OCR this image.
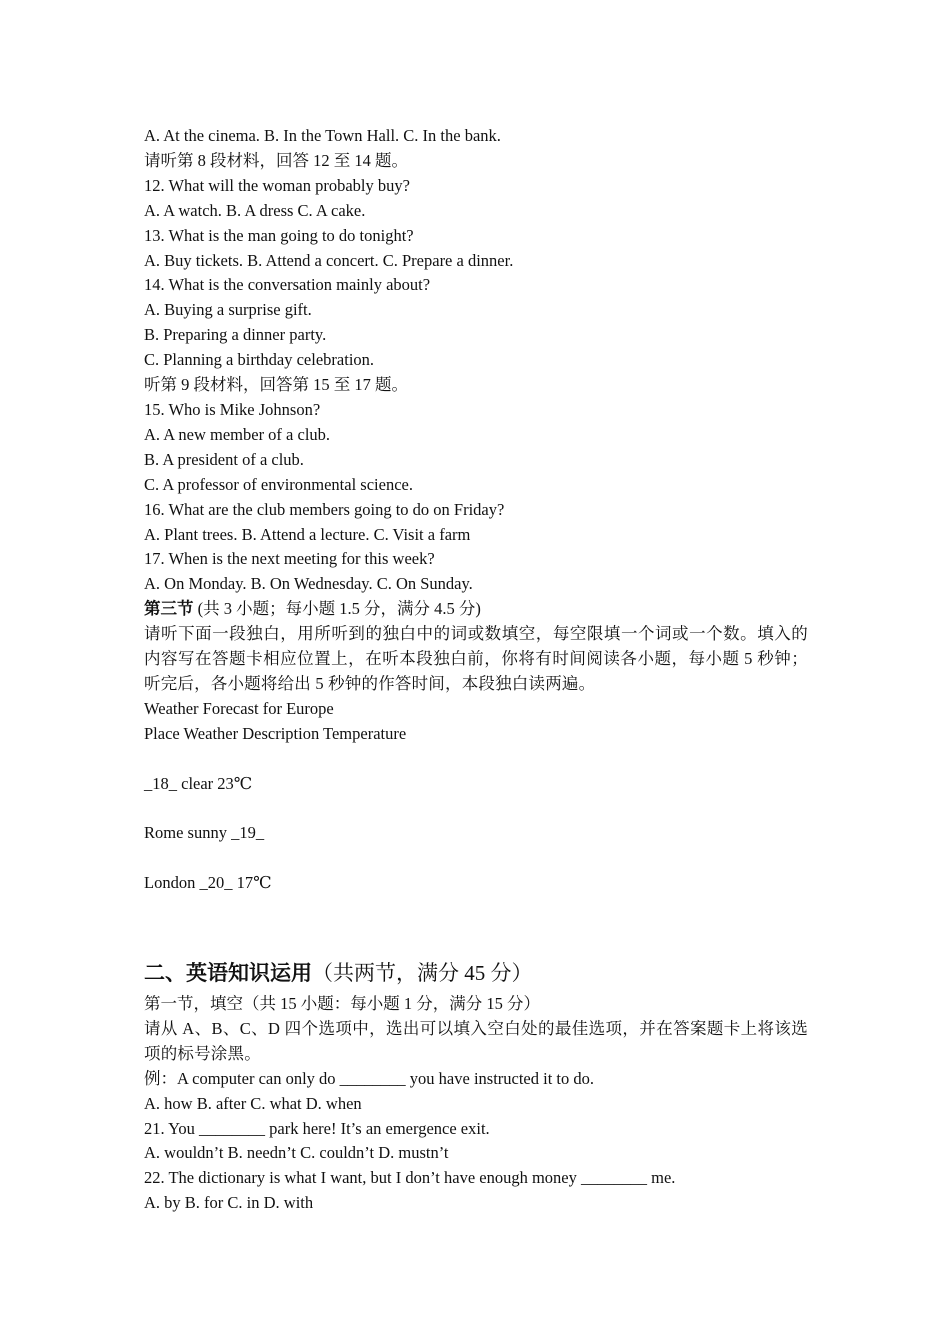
A. At the cinema. B. In the Town Hall. C. In the bank.
请听第 8 段材料，回答 12 至 14 题。
12. What will the woman probably buy?
A. A watch. B. A dress C. A cake.
13. What is the man going to do tonight?
A. Buy tickets. B. Attend a concert. C. Prepare a dinner.
14. What is the conversation mainly about?
A. Buying a surprise gift.
B. Preparing a dinner party.
C. Planning a birthday celebration.
听第 9 段材料，回答第 15 至 17 题。
15. Who is Mike Johnson?
A. A new member of a club.
B. A president of a club.
C. A professor of environmental science.
16. What are the club members going to do on Friday?
A. Plant trees. B. Attend a lecture. C. Visit a farm
17. When is the next meeting for this week?
A. On Monday. B. On Wednesday. C. On Sunday.
第三节 (共 3 小题；每小题 1.5 分，满分 4.5 分)
请听下面一段独白，用所听到的独白中的词或数填空，每空限填一个词或一个数。填入的内容写在答题卡相应位置上，在听本段独白前，你将有时间阅读各小题，每小题 5 秒钟；听完后，各小题将给出 5 秒钟的作答时间，本段独白读两遍。
Weather Forecast for Europe
Place Weather Description Temperature
_18_ clear 23℃
Rome sunny _19_
London _20_ 17℃
二、英语知识运用（共两节，满分 45 分）
第一节，填空（共 15 小题：每小题 1 分，满分 15 分）
请从 A、B、C、D 四个选项中，选出可以填入空白处的最佳选项，并在答案题卡上将该选项的标号涂黑。
例：A computer can only do ________ you have instructed it to do.
A. how B. after C. what D. when
21. You ________ park here! It’s an emergence exit.
A. wouldn’t B. needn’t C. couldn’t D. mustn’t
22. The dictionary is what I want, but I don’t have enough money ________ me.
A. by B. for C. in D. with
